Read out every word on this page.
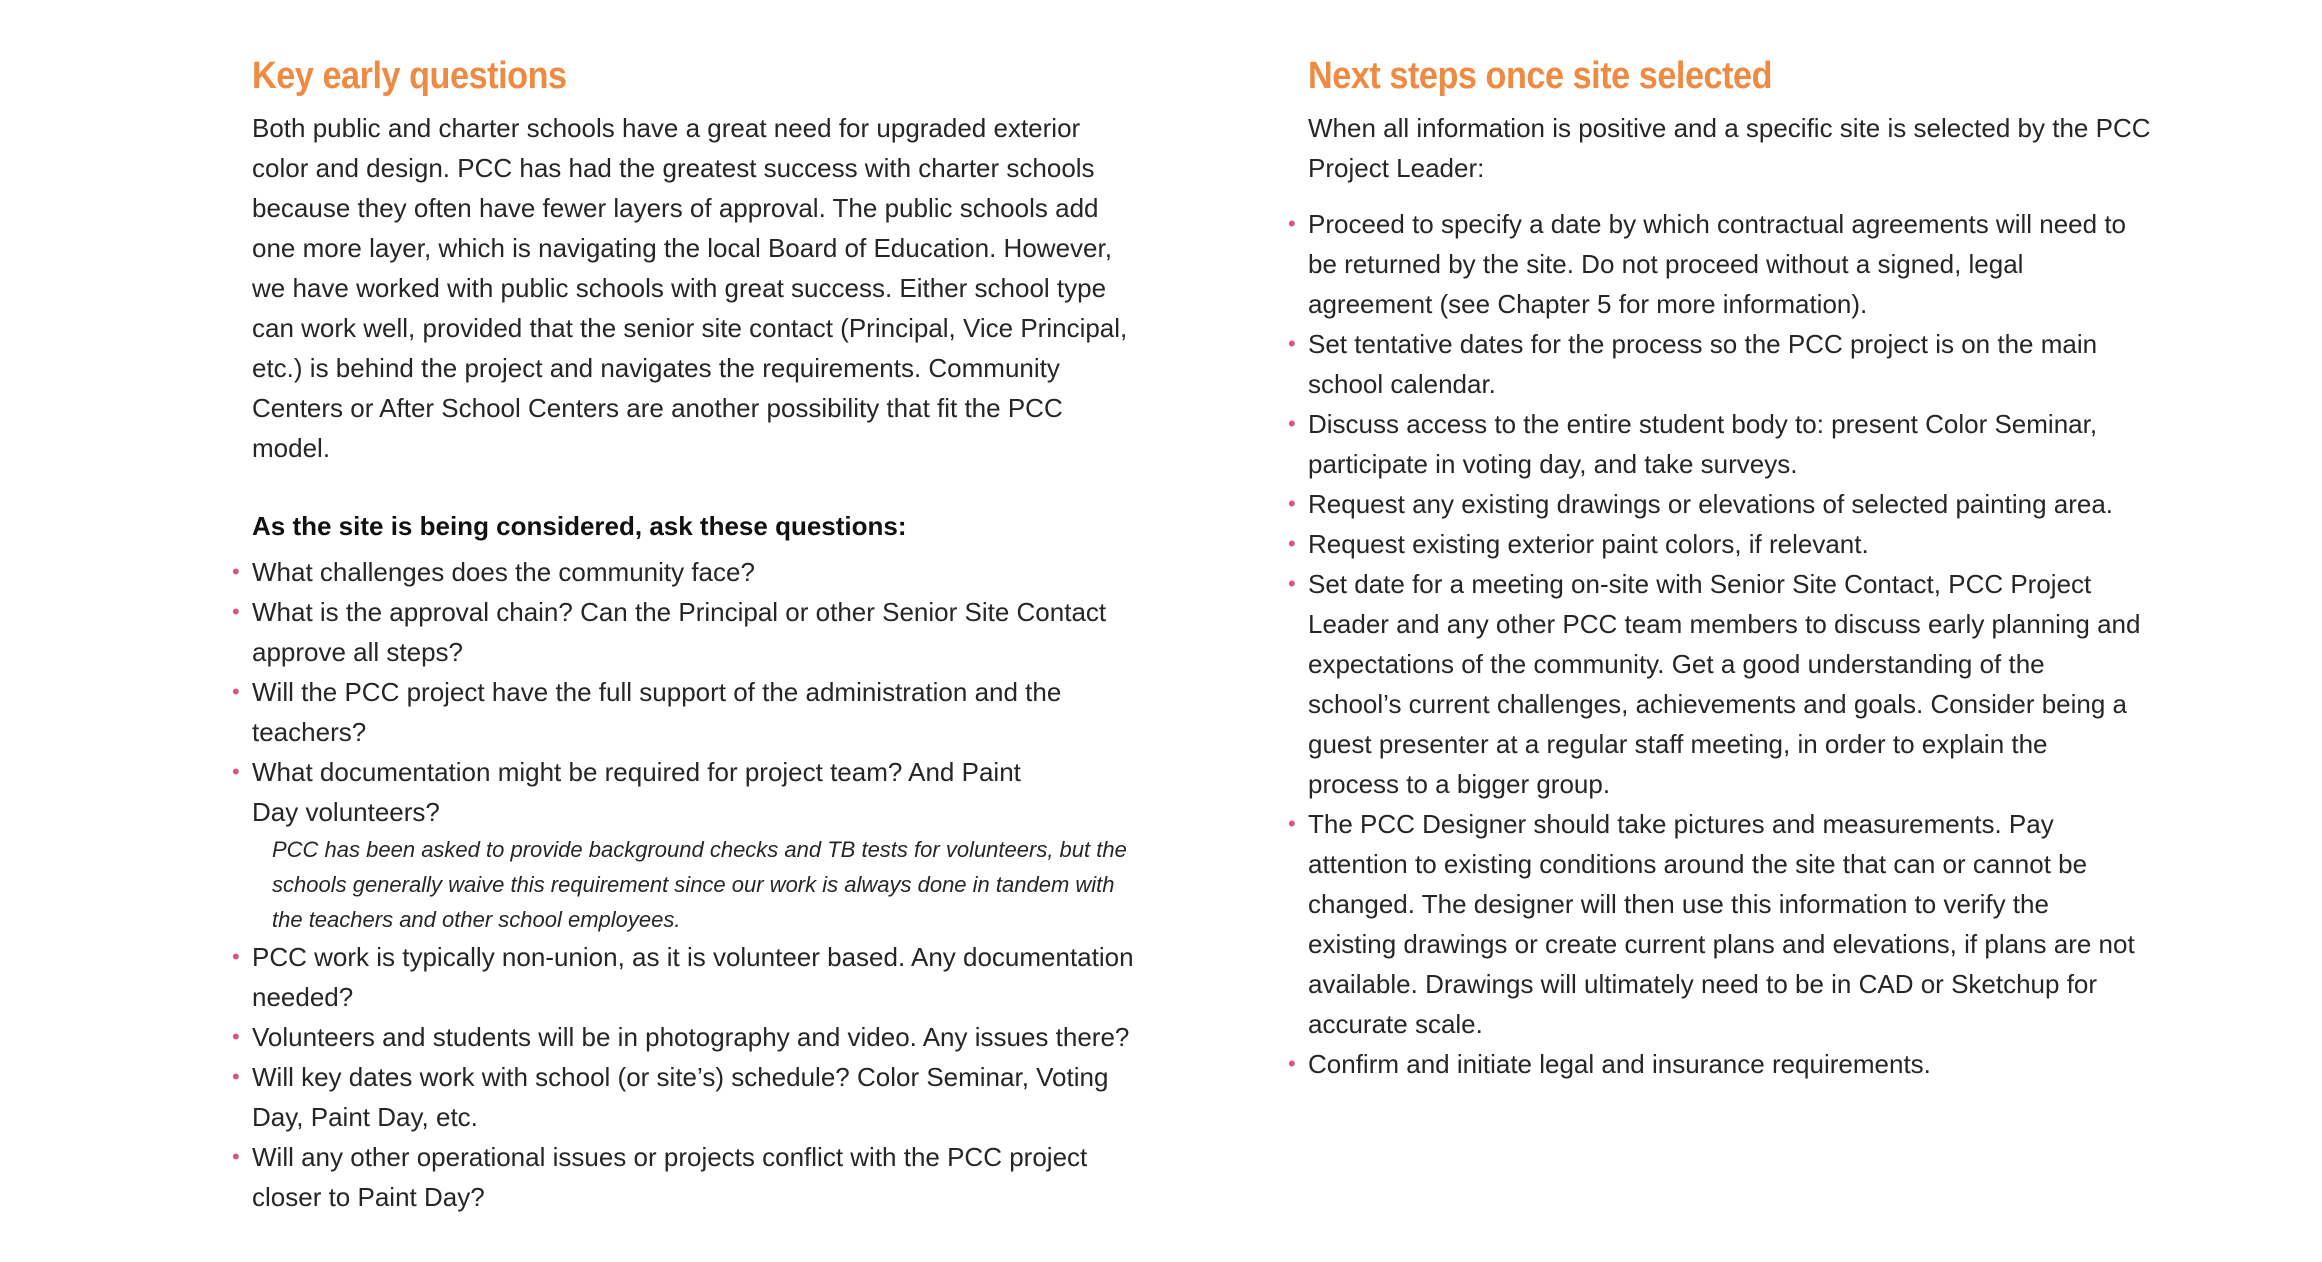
Key early questions

Both public and charter schools have a great need for upgraded exterior
color and design. PCC has had the greatest success with charter schools
because they often have fewer layers of approval. The public schools add
one more layer, which is navigating the local Board of Education. However,
we have worked with public schools with great success. Either school type
can work well, provided that the senior site contact (Principal, Vice Principal,
etc.) is behind the project and navigates the requirements. Community
Centers or After School Centers are another possibility that fit the PCC
model.

As the site is being considered, ask these questions:
• What challenges does the community face?
• What is the approval chain? Can the Principal or other Senior Site Contact
approve all steps?
• Will the PCC project have the full support of the administration and the
teachers?
• What documentation might be required for project team? And Paint
Day volunteers?

PCC has been asked to provide background checks and TB tests for volunteers, but the
schools generally waive this requirement since our work is always done in tandem with
the teachers and other school employees.

• PCC work is typically non-union, as it is volunteer based. Any documentation
needed?
• Volunteers and students will be in photography and video. Any issues there?
• Will key dates work with school (or site’s) schedule? Color Seminar, Voting
Day, Paint Day, etc.
• Will any other operational issues or projects conflict with the PCC project
closer to Paint Day?
Next steps once site selected

When all information is positive and a specific site is selected by the PCC
Project Leader:

• Proceed to specify a date by which contractual agreements will need to
be returned by the site. Do not proceed without a signed, legal
agreement (see Chapter 5 for more information).
• Set tentative dates for the process so the PCC project is on the main
school calendar.
• Discuss access to the entire student body to: present Color Seminar,
participate in voting day, and take surveys.
• Request any existing drawings or elevations of selected painting area.
• Request existing exterior paint colors, if relevant.
• Set date for a meeting on-site with Senior Site Contact, PCC Project
Leader and any other PCC team members to discuss early planning and
expectations of the community. Get a good understanding of the
school’s current challenges, achievements and goals. Consider being a
guest presenter at a regular staff meeting, in order to explain the
process to a bigger group.
• The PCC Designer should take pictures and measurements. Pay
attention to existing conditions around the site that can or cannot be
changed. The designer will then use this information to verify the
existing drawings or create current plans and elevations, if plans are not
available. Drawings will ultimately need to be in CAD or Sketchup for
accurate scale.
• Confirm and initiate legal and insurance requirements.
